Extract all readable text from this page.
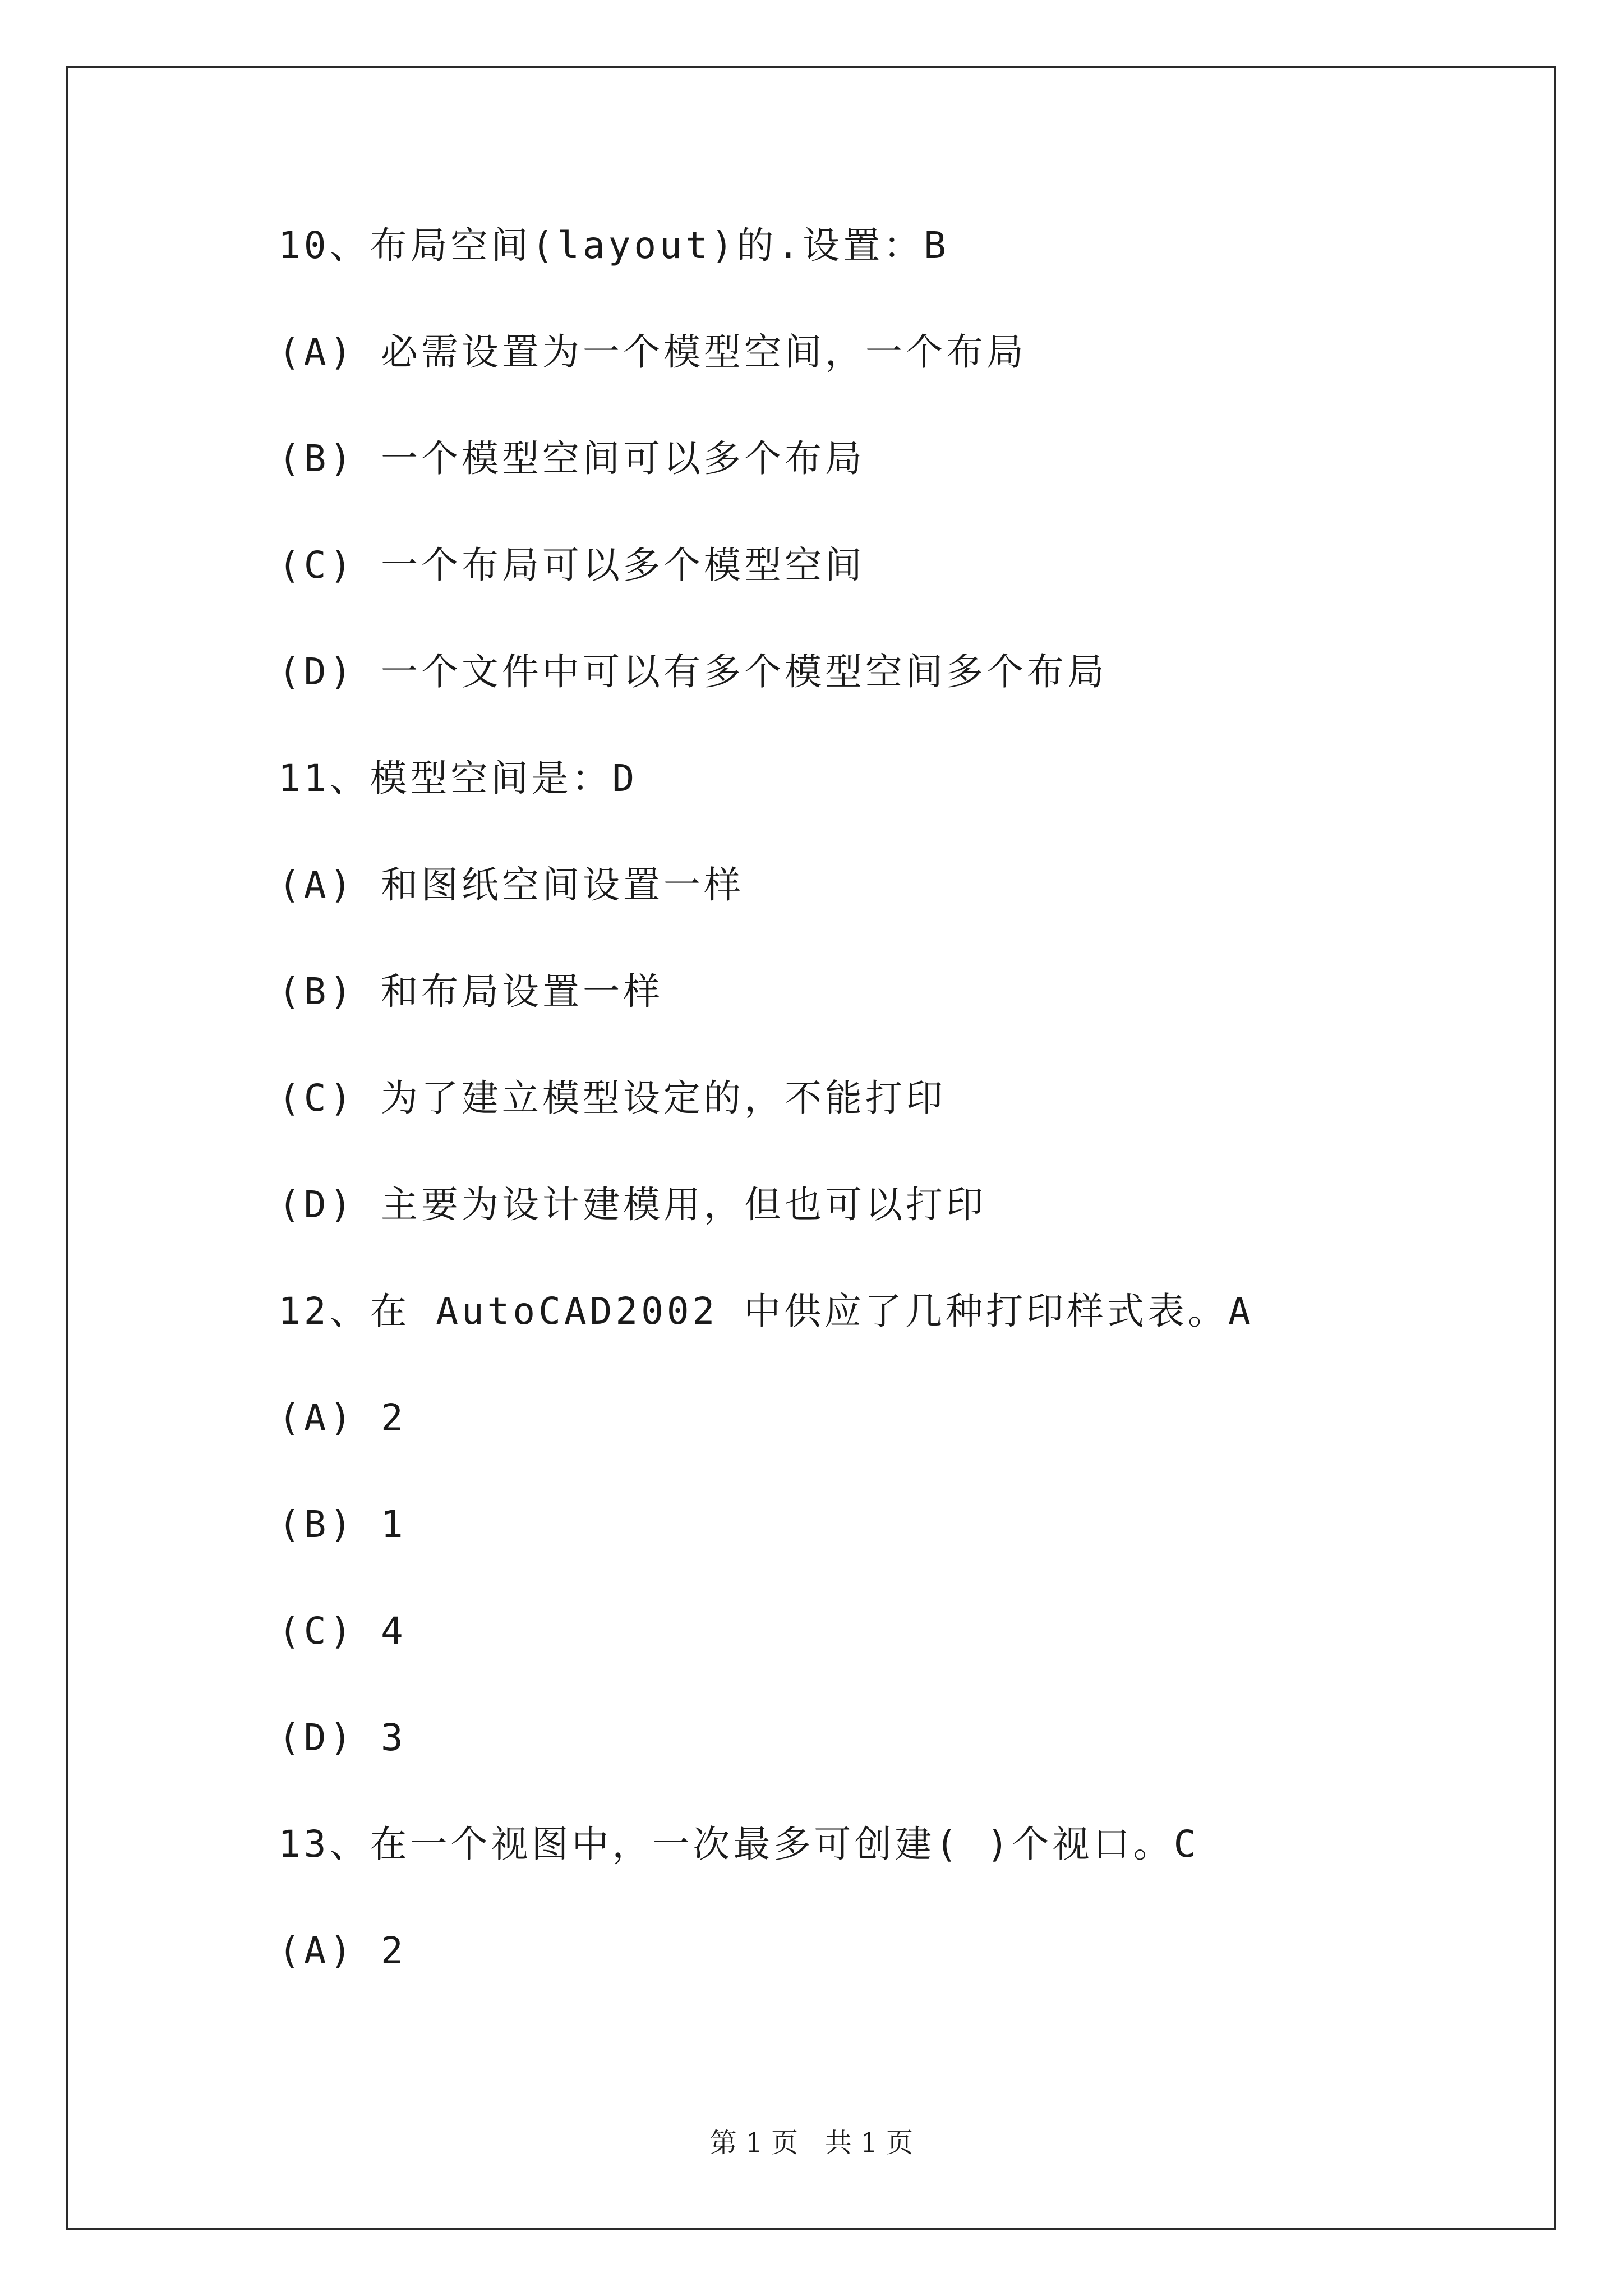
10、布局空间(layout)的.设置：B
(A) 必需设置为一个模型空间，一个布局
(B) 一个模型空间可以多个布局
(C) 一个布局可以多个模型空间
(D) 一个文件中可以有多个模型空间多个布局
11、模型空间是：D
(A) 和图纸空间设置一样
(B) 和布局设置一样
(C) 为了建立模型设定的，不能打印
(D) 主要为设计建模用，但也可以打印
12、在 AutoCAD2002 中供应了几种打印样式表。A
(A) 2
(B) 1
(C) 4
(D) 3
13、在一个视图中，一次最多可创建( )个视口。C
(A) 2
第 1 页 共 1 页
